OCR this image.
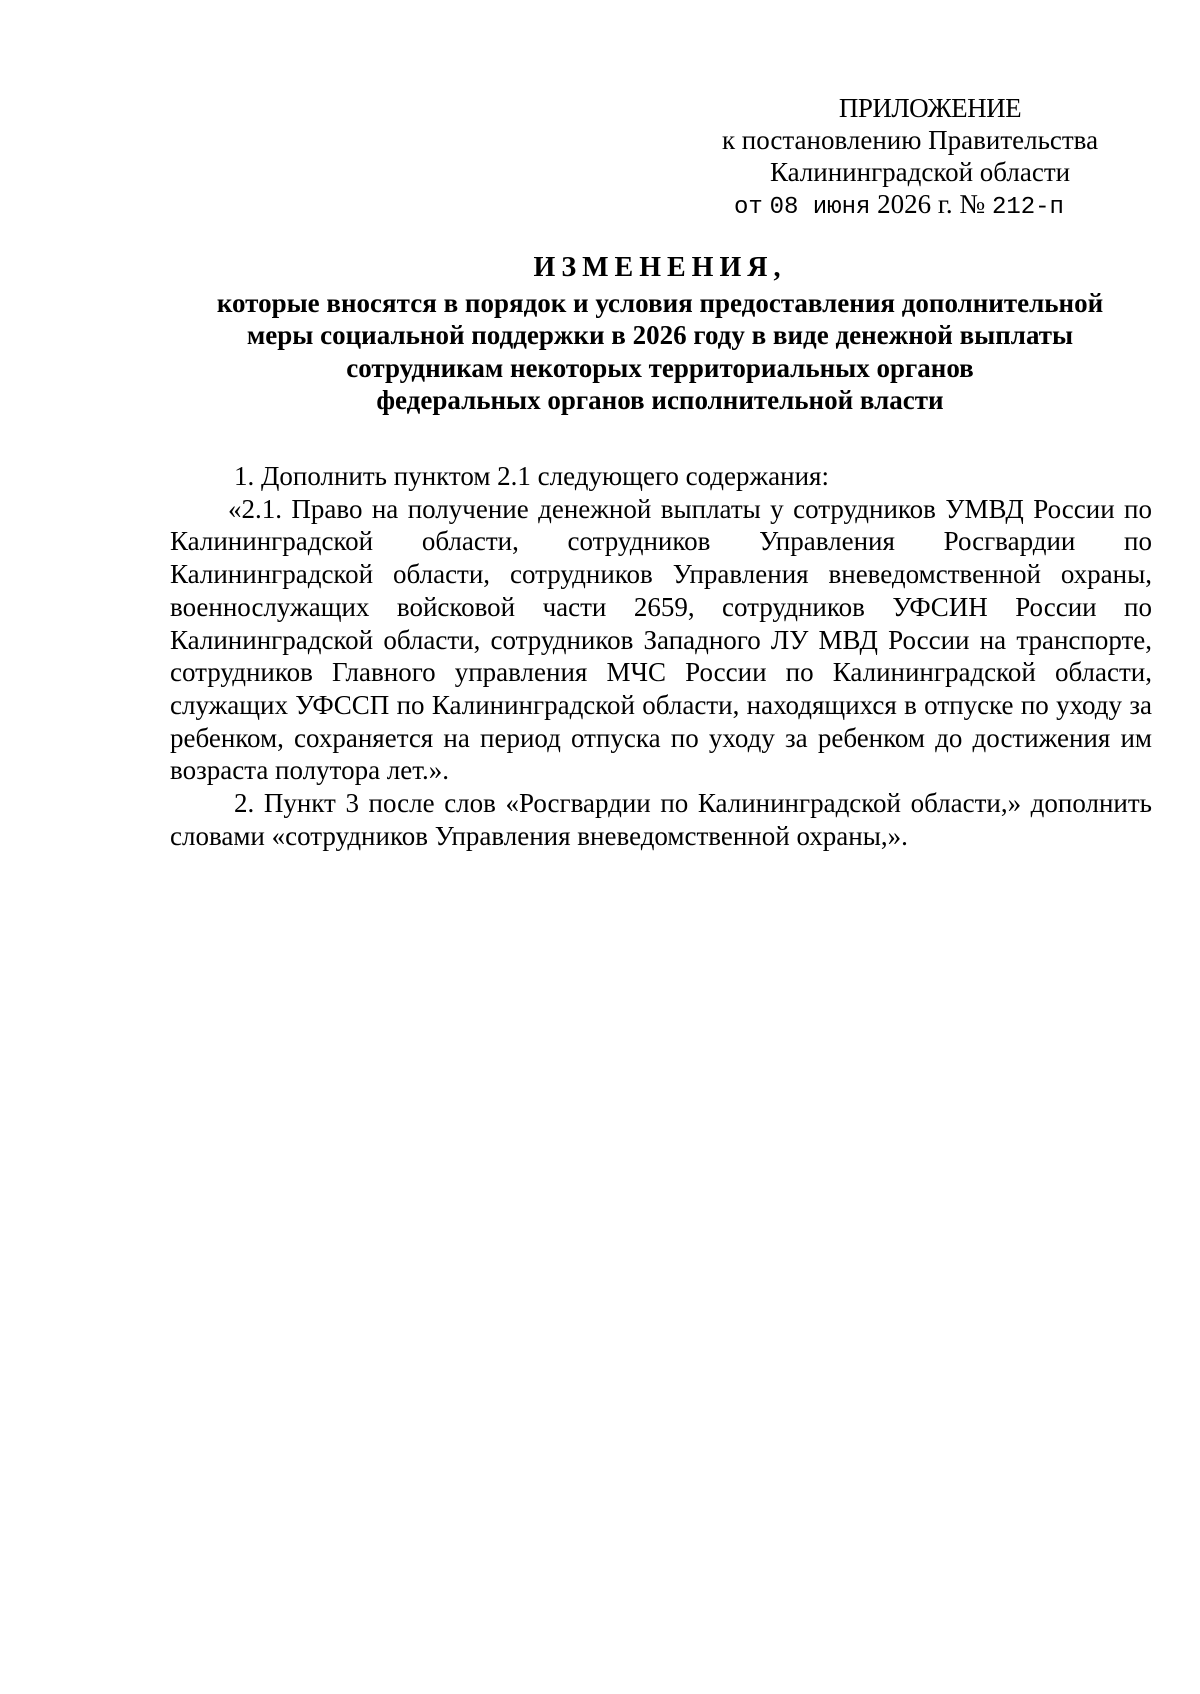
ПРИЛОЖЕНИЕ
к постановлению Правительства
Калининградской области
от 08 июня 2026 г. № 212-п
ИЗМЕНЕНИЯ,
которые вносятся в порядок и условия предоставления дополнительной
меры социальной поддержки в 2026 году в виде денежной выплаты
сотрудникам некоторых территориальных органов
федеральных органов исполнительной власти

1. Дополнить пунктом 2.1 следующего содержания:

«2.1. Право на получение денежной выплаты у сотрудников УМВД России по Калининградской области, сотрудников Управления Росгвардии по Калининградской области, сотрудников Управления вневедомственной охраны, военнослужащих войсковой части 2659, сотрудников УФСИН России по Калининградской области, сотрудников Западного ЛУ МВД России на транспорте, сотрудников Главного управления МЧС России по Калининградской области, служащих УФССП по Калининградской области, находящихся в отпуске по уходу за ребенком, сохраняется на период отпуска по уходу за ребенком до достижения им возраста полутора лет.».

2. Пункт 3 после слов «Росгвардии по Калининградской области,» дополнить словами «сотрудников Управления вневедомственной охраны,».
